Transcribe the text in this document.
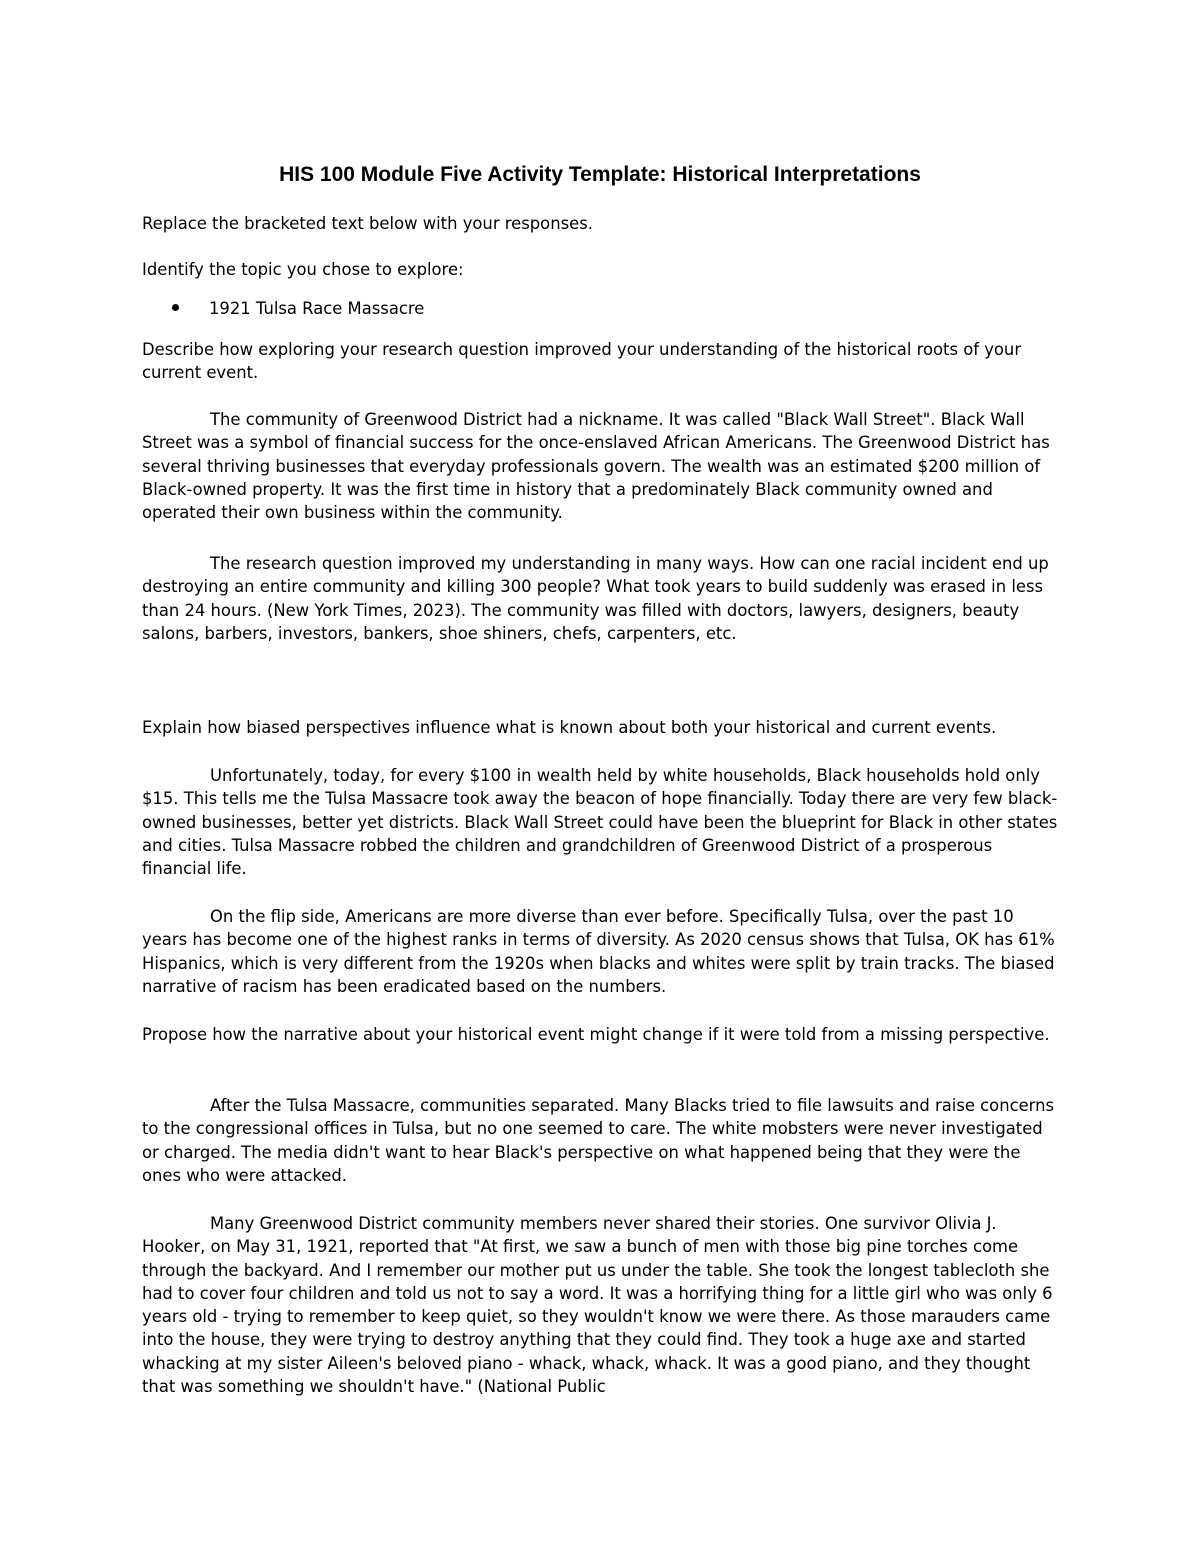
HIS 100 Module Five Activity Template: Historical Interpretations

Replace the bracketed text below with your responses.

Identify the topic you chose to explore:

1921 Tulsa Race Massacre

Describe how exploring your research question improved your understanding of the historical roots of your current event.

The community of Greenwood District had a nickname. It was called "Black Wall Street". Black Wall Street was a symbol of financial success for the once-enslaved African Americans. The Greenwood District has several thriving businesses that everyday professionals govern. The wealth was an estimated $200 million of Black-owned property. It was the first time in history that a predominately Black community owned and operated their own business within the community.

The research question improved my understanding in many ways. How can one racial incident end up destroying an entire community and killing 300 people? What took years to build suddenly was erased in less than 24 hours. (New York Times, 2023). The community was filled with doctors, lawyers, designers, beauty salons, barbers, investors, bankers, shoe shiners, chefs, carpenters, etc.

Explain how biased perspectives influence what is known about both your historical and current events.

Unfortunately, today, for every $100 in wealth held by white households, Black households hold only $15. This tells me the Tulsa Massacre took away the beacon of hope financially. Today there are very few black-owned businesses, better yet districts. Black Wall Street could have been the blueprint for Black in other states and cities. Tulsa Massacre robbed the children and grandchildren of Greenwood District of a prosperous financial life.

On the flip side, Americans are more diverse than ever before. Specifically Tulsa, over the past 10 years has become one of the highest ranks in terms of diversity. As 2020 census shows that Tulsa, OK has 61% Hispanics, which is very different from the 1920s when blacks and whites were split by train tracks. The biased narrative of racism has been eradicated based on the numbers.

Propose how the narrative about your historical event might change if it were told from a missing perspective.

After the Tulsa Massacre, communities separated. Many Blacks tried to file lawsuits and raise concerns to the congressional offices in Tulsa, but no one seemed to care. The white mobsters were never investigated or charged. The media didn't want to hear Black's perspective on what happened being that they were the ones who were attacked.

Many Greenwood District community members never shared their stories. One survivor Olivia J. Hooker, on May 31, 1921, reported that "At first, we saw a bunch of men with those big pine torches come through the backyard. And I remember our mother put us under the table. She took the longest tablecloth she had to cover four children and told us not to say a word. It was a horrifying thing for a little girl who was only 6 years old - trying to remember to keep quiet, so they wouldn't know we were there. As those marauders came into the house, they were trying to destroy anything that they could find. They took a huge axe and started whacking at my sister Aileen's beloved piano - whack, whack, whack. It was a good piano, and they thought that was something we shouldn't have." (National Public
